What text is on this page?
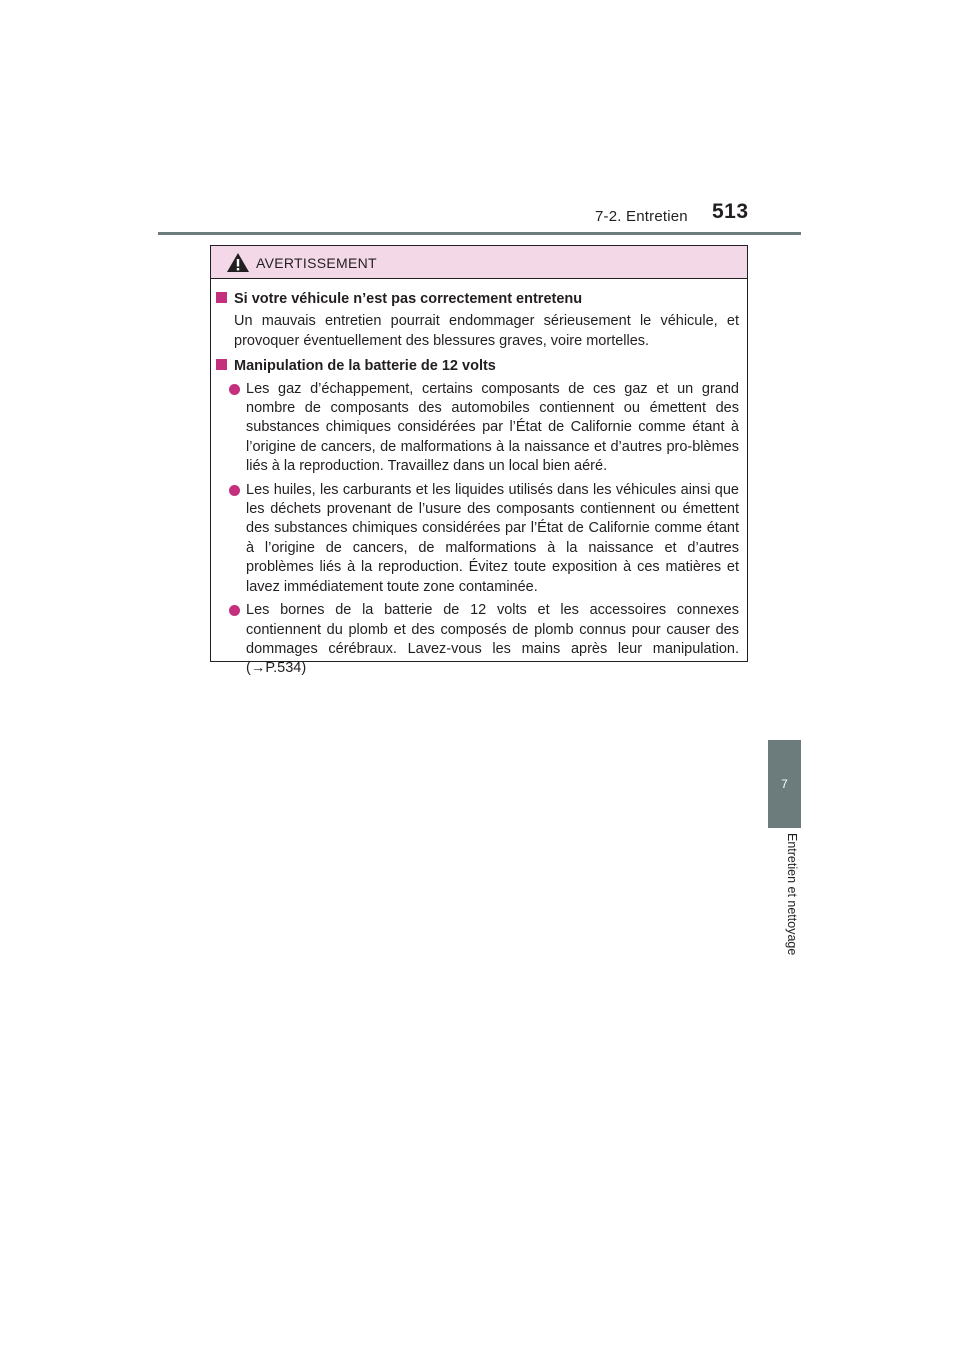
7-2. Entretien 513
7
Entretien et nettoyage
AVERTISSEMENT
Si votre véhicule n’est pas correctement entretenu
Un mauvais entretien pourrait endommager sérieusement le véhicule, et provoquer éventuellement des blessures graves, voire mortelles.
Manipulation de la batterie de 12 volts
Les gaz d’échappement, certains composants de ces gaz et un grand nombre de composants des automobiles contiennent ou émettent des substances chimiques considérées par l’État de Californie comme étant à l’origine de cancers, de malformations à la naissance et d’autres pro-blèmes liés à la reproduction. Travaillez dans un local bien aéré.
Les huiles, les carburants et les liquides utilisés dans les véhicules ainsi que les déchets provenant de l’usure des composants contiennent ou émettent des substances chimiques considérées par l’État de Californie comme étant à l’origine de cancers, de malformations à la naissance et d’autres problèmes liés à la reproduction. Évitez toute exposition à ces matières et lavez immédiatement toute zone contaminée.
Les bornes de la batterie de 12 volts et les accessoires connexes contiennent du plomb et des composés de plomb connus pour causer des dommages cérébraux. Lavez-vous les mains après leur manipulation. (→P.534)
